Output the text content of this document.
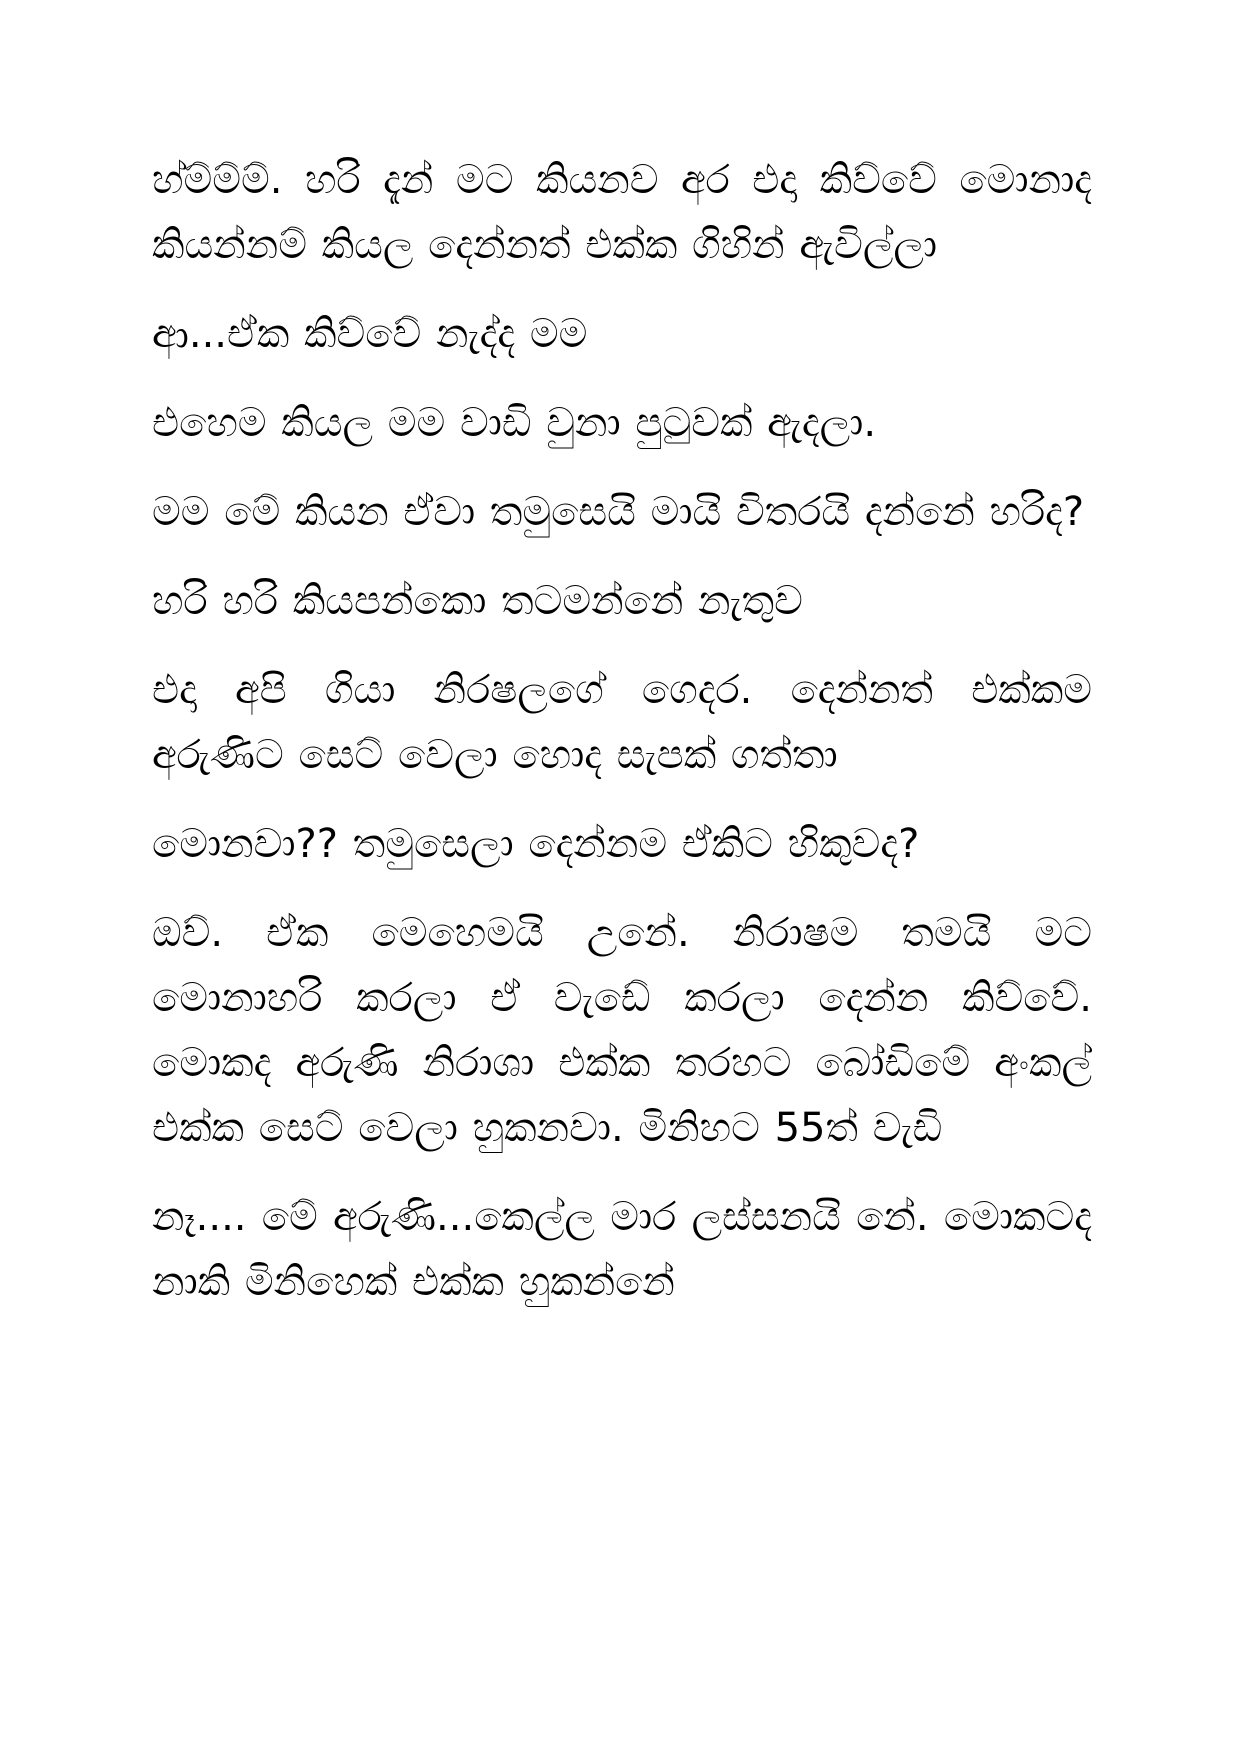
හ්ම්ම්ම්. හරි දැන් මට කියනව අර එදා කිව්වේ මොනාද කියන්නම් කියල දෙන්නත් එක්ක ගිහින් ඇවිල්ලා

ආ...ඒක කිව්වේ නැද්ද මම

එහෙම කියල මම වාඩි වුනා පුටුවක් ඇදලා.

මම මේ කියන ඒවා තමුසෙයි මායි විතරයි දන්නේ හරිද?

හරි හරි කියපන්කො තටමන්නේ නැතුව

එදා අපි ගියා නිරෂලගේ ගෙදර. දෙන්නත් එක්කම අරුණිට සෙට් වෙලා හොද සැපක් ගත්තා

මොනවා?? තමුසෙලා දෙන්නම ඒකිට හිකුවද?

ඔව්. ඒක මෙහෙමයි උනේ. නිරාෂම තමයි මට මොනාහරි කරලා ඒ වැඩේ කරලා දෙන්න කිව්වේ. මොකද අරුණි නිරාශා එක්ක තරහට බෝඩිමේ අංකල් එක්ක සෙට් වෙලා හුකනවා. මිනිහට 55ත් වැඩි

නෑ.... මේ අරුණි...කෙල්ල මාර ලස්සනයි නේ. මොකටද නාකි මිනිහෙක් එක්ක හුකන්නේ
